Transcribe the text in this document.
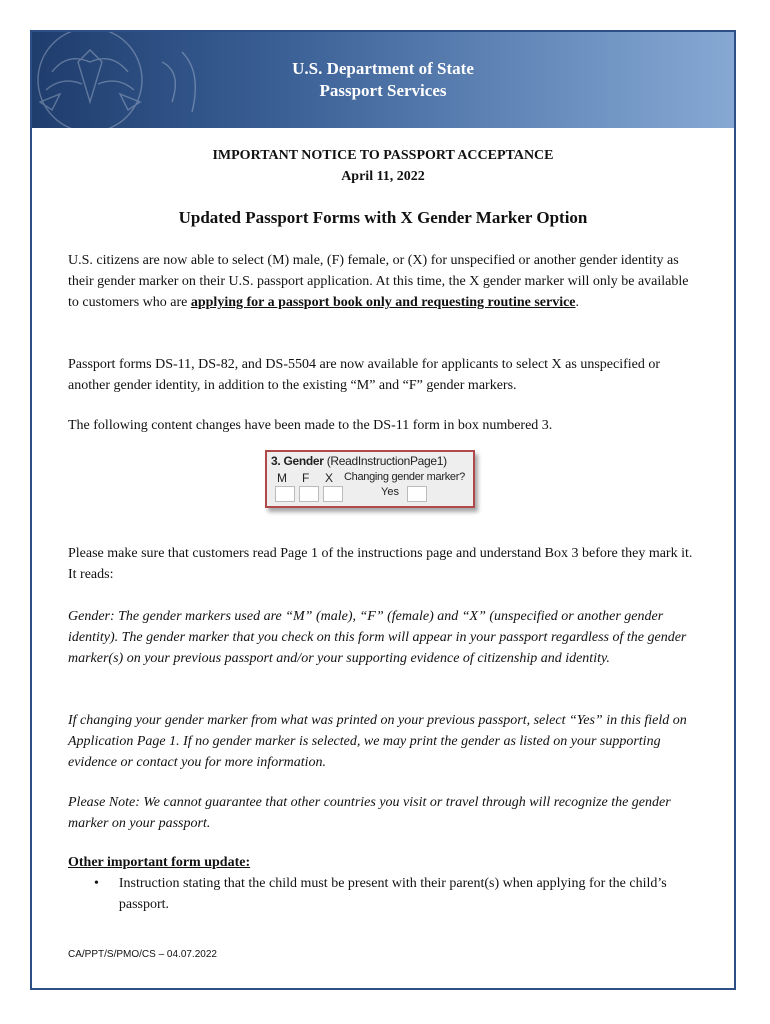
U.S. Department of State
Passport Services
IMPORTANT NOTICE TO PASSPORT ACCEPTANCE
April 11, 2022
Updated Passport Forms with X Gender Marker Option

U.S. citizens are now able to select (M) male, (F) female, or (X) for unspecified or another gender identity as their gender marker on their U.S. passport application. At this time, the X gender marker will only be available to customers who are applying for a passport book only and requesting routine service.

Passport forms DS-11, DS-82, and DS-5504 are now available for applicants to select X as unspecified or another gender identity, in addition to the existing “M” and “F” gender markers.

The following content changes have been made to the DS-11 form in box numbered 3.

3. Gender (ReadInstructionPage1)
M F X Changing gender marker?
Yes

Please make sure that customers read Page 1 of the instructions page and understand Box 3 before they mark it. It reads:

Gender: The gender markers used are “M” (male), “F” (female) and “X” (unspecified or another gender identity). The gender marker that you check on this form will appear in your passport regardless of the gender marker(s) on your previous passport and/or your supporting evidence of citizenship and identity.

If changing your gender marker from what was printed on your previous passport, select “Yes” in this field on Application Page 1. If no gender marker is selected, we may print the gender as listed on your supporting evidence or contact you for more information.

Please Note: We cannot guarantee that other countries you visit or travel through will recognize the gender marker on your passport.

Other important form update:
•	Instruction stating that the child must be present with their parent(s) when applying for the child’s passport.
CA/PPT/S/PMO/CS – 04.07.2022
